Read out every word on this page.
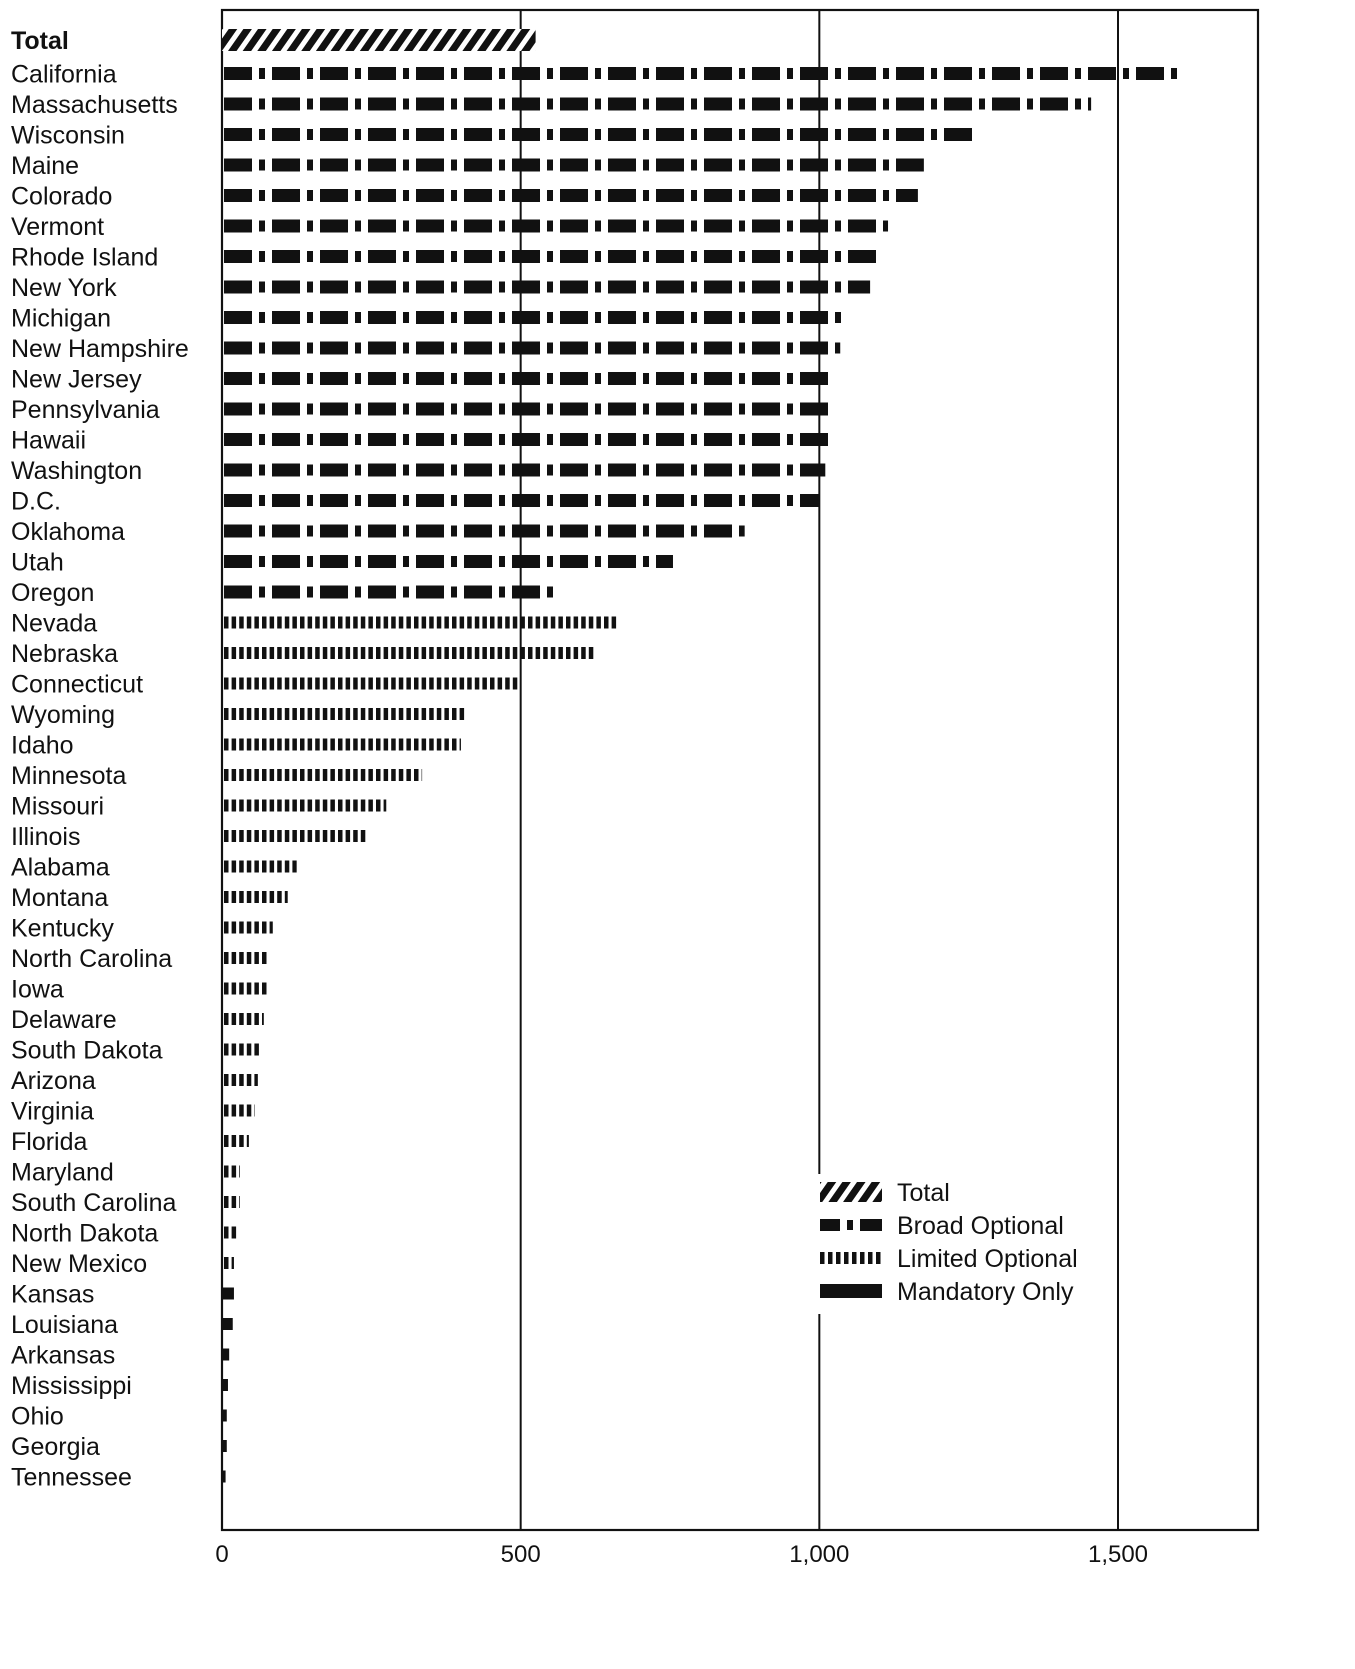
Total
California
Massachusetts
Wisconsin
Maine
Colorado
Vermont
Rhode Island
New York
Michigan
New Hampshire
New Jersey
Pennsylvania
Hawaii
Washington
D.C.
Oklahoma
Utah
Oregon
Nevada
Nebraska
Connecticut
Wyoming
Idaho
Minnesota
Missouri
Illinois
Alabama
Montana
Kentucky
North Carolina
Iowa
Delaware
South Dakota
Arizona
Virginia
Florida
Maryland
South Carolina
North Dakota
New Mexico
Kansas
Louisiana
Arkansas
Mississippi
Ohio
Georgia
Tennessee
0	500	1,000	1,500
Total
Broad Optional
Limited Optional
Mandatory Only
